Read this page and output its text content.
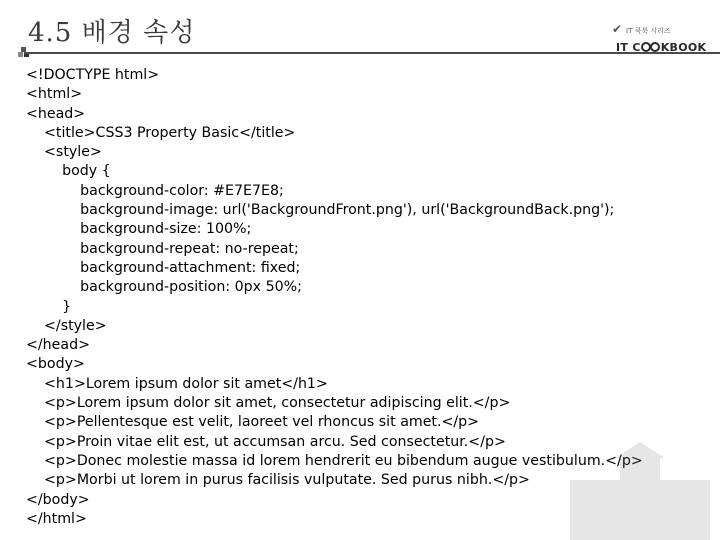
4.5 배경 속성	✔ IT 쿡북 시리즈
IT C KBOOK
<!DOCTYPE html>
<html>
<head>
<title>CSS3 Property Basic</title>
<style>
body {
background-color: #E7E7E8;
background-image: url('BackgroundFront.png'), url('BackgroundBack.png');
background-size: 100%;
background-repeat: no-repeat;
background-attachment: fixed;
background-position: 0px 50%;
}
</style>
</head>
<body>
<h1>Lorem ipsum dolor sit amet</h1>
<p>Lorem ipsum dolor sit amet, consectetur adipiscing elit.</p>
<p>Pellentesque est velit, laoreet vel rhoncus sit amet.</p>
<p>Proin vitae elit est, ut accumsan arcu. Sed consectetur.</p>
<p>Donec molestie massa id lorem hendrerit eu bibendum augue vestibulum.</p>
<p>Morbi ut lorem in purus facilisis vulputate. Sed purus nibh.</p>
</body>
</html>
